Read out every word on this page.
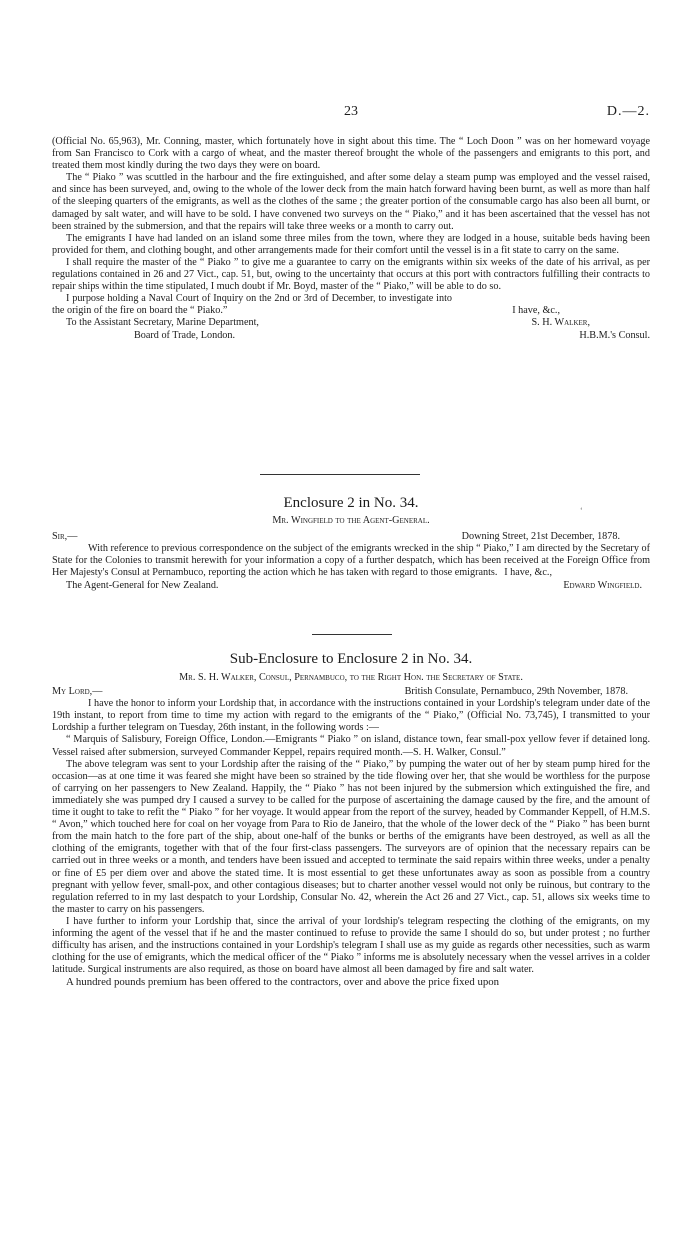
23	D.—2.

(Official No. 65,963), Mr. Conning, master, which fortunately hove in sight about this time. The “ Loch Doon ” was on her homeward voyage from San Francisco to Cork with a cargo of wheat, and the master thereof brought the whole of the passengers and emigrants to this port, and treated them most kindly during the two days they were on board.

The “ Piako ” was scuttled in the harbour and the fire extinguished, and after some delay a steam pump was employed and the vessel raised, and since has been surveyed, and, owing to the whole of the lower deck from the main hatch forward having been burnt, as well as more than half of the sleeping quarters of the emigrants, as well as the clothes of the same ; the greater portion of the consumable cargo has also been all burnt, or damaged by salt water, and will have to be sold. I have convened two surveys on the “ Piako,” and it has been ascertained that the vessel has not been strained by the submersion, and that the repairs will take three weeks or a month to carry out.

The emigrants I have had landed on an island some three miles from the town, where they are lodged in a house, suitable beds having been provided for them, and clothing bought, and other arrangements made for their comfort until the vessel is in a fit state to carry on the same.

I shall require the master of the “ Piako ” to give me a guarantee to carry on the emigrants within six weeks of the date of his arrival, as per regulations contained in 26 and 27 Vict., cap. 51, but, owing to the uncertainty that occurs at this port with contractors fulfilling their contracts to repair ships within the time stipulated, I much doubt if Mr. Boyd, master of the “ Piako,” will be able to do so.

I purpose holding a Naval Court of Inquiry on the 2nd or 3rd of December, to investigate into the origin of the fire on board the “ Piako.”	I have, &c.,
To the Assistant Secretary, Marine Department,	S. H. Walker,
Board of Trade, London.	H.B.M.'s Consul.
Enclosure 2 in No. 34.
Mr. Wingfield to the Agent-General.
Sir,—	Downing Street, 21st December, 1878.

With reference to previous correspondence on the subject of the emigrants wrecked in the ship “ Piako,” I am directed by the Secretary of State for the Colonies to transmit herewith for your information a copy of a further despatch, which has been received at the Foreign Office from Her Majesty's Consul at Pernambuco, reporting the action which he has taken with regard to those emigrants. I have, &c.,
The Agent-General for New Zealand.	Edward Wingfield.
Sub-Enclosure to Enclosure 2 in No. 34.
Mr. S. H. Walker, Consul, Pernambuco, to the Right Hon. the Secretary of State.
My Lord,—	British Consulate, Pernambuco, 29th November, 1878.

I have the honor to inform your Lordship that, in accordance with the instructions contained in your Lordship's telegram under date of the 19th instant, to report from time to time my action with regard to the emigrants of the “ Piako,” (Official No. 73,745), I transmitted to your Lordship a further telegram on Tuesday, 26th instant, in the following words :—

“ Marquis of Salisbury, Foreign Office, London.—Emigrants “ Piako ” on island, distance town, fear small-pox yellow fever if detained long. Vessel raised after submersion, surveyed Commander Keppel, repairs required month.—S. H. Walker, Consul.”

The above telegram was sent to your Lordship after the raising of the “ Piako,” by pumping the water out of her by steam pump hired for the occasion—as at one time it was feared she might have been so strained by the tide flowing over her, that she would be worthless for the purpose of carrying on her passengers to New Zealand. Happily, the “ Piako ” has not been injured by the submersion which extinguished the fire, and immediately she was pumped dry I caused a survey to be called for the purpose of ascertaining the damage caused by the fire, and the amount of time it ought to take to refit the “ Piako ” for her voyage. It would appear from the report of the survey, headed by Commander Keppell, of H.M.S. “ Avon,” which touched here for coal on her voyage from Para to Rio de Janeiro, that the whole of the lower deck of the “ Piako ” has been burnt from the main hatch to the fore part of the ship, about one-half of the bunks or berths of the emigrants have been destroyed, as well as all the clothing of the emigrants, together with that of the four first-class passengers. The surveyors are of opinion that the necessary repairs can be carried out in three weeks or a month, and tenders have been issued and accepted to terminate the said repairs within three weeks, under a penalty or fine of £5 per diem over and above the stated time. It is most essential to get these unfortunates away as soon as possible from a country pregnant with yellow fever, small-pox, and other contagious diseases; but to charter another vessel would not only be ruinous, but contrary to the regulation referred to in my last despatch to your Lordship, Consular No. 42, wherein the Act 26 and 27 Vict., cap. 51, allows six weeks time to the master to carry on his passengers.

I have further to inform your Lordship that, since the arrival of your lordship's telegram respecting the clothing of the emigrants, on my informing the agent of the vessel that if he and the master continued to refuse to provide the same I should do so, but under protest ; no further difficulty has arisen, and the instructions contained in your Lordship's telegram I shall use as my guide as regards other necessities, such as warm clothing for the use of emigrants, which the medical officer of the “ Piako ” informs me is absolutely necessary when the vessel arrives in a colder latitude. Surgical instruments are also required, as those on board have almost all been damaged by fire and salt water.

A hundred pounds premium has been offered to the contractors, over and above the price fixed upon

‘
